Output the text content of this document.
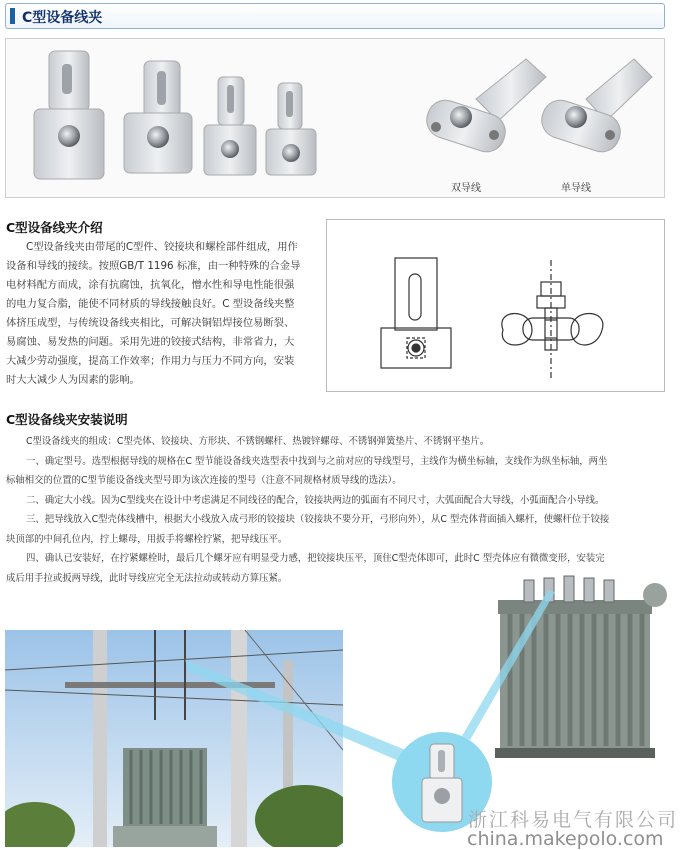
C型设备线夹
双导线	单导线
C型设备线夹介绍

C型设备线夹由带尾的C型件、铰接块和螺栓部件组成，用作

设备和导线的接续。按照GB/T 1196 标准，由一种特殊的合金导

电材料配方而成，涂有抗腐蚀，抗氧化，憎水性和导电性能很强

的电力复合脂，能使不同材质的导线接触良好。C 型设备线夹整

体挤压成型，与传统设备线夹相比，可解决铜铝焊接位易断裂、

易腐蚀、易发热的问题。采用先进的铰接式结构，非常省力，大

大减少劳动强度，提高工作效率；作用力与压力不同方向，安装

时大大减少人为因素的影响。

C型设备线夹安装说明

C型设备线夹的组成：C型壳体、铰接块、方形块、不锈钢螺杆、热镀锌螺母、不锈钢弹簧垫片、不锈钢平垫片。

一、确定型号。选型根据导线的规格在C 型节能设备线夹选型表中找到与之前对应的导线型号，主线作为横坐标轴，支线作为纵坐标轴，两坐

标轴相交的位置的C型节能设备线夹型号即为该次连接的型号（注意不同规格材质导线的选法）。

二、确定大小线。因为C型线夹在设计中考虑满足不同线径的配合，铰接块两边的弧面有不同尺寸，大弧面配合大导线，小弧面配合小导线。

三、把导线放入C型壳体线槽中，根据大小线放入成弓形的铰接块（铰接块不要分开，弓形向外），从C 型壳体背面插入螺杆，使螺杆位于铰接

块顶部的中间孔位内，拧上螺母，用扳手将螺栓拧紧，把导线压平。

四、确认已安装好，在拧紧螺栓时，最后几个螺牙应有明显受力感，把铰接块压平，顶住C型壳体即可，此时C 型壳体应有微微变形，安装完

成后用手拉或扳两导线，此时导线应完全无法拉动或转动方算压紧。

浙江科易电气有限公司
china.makepolo.com
